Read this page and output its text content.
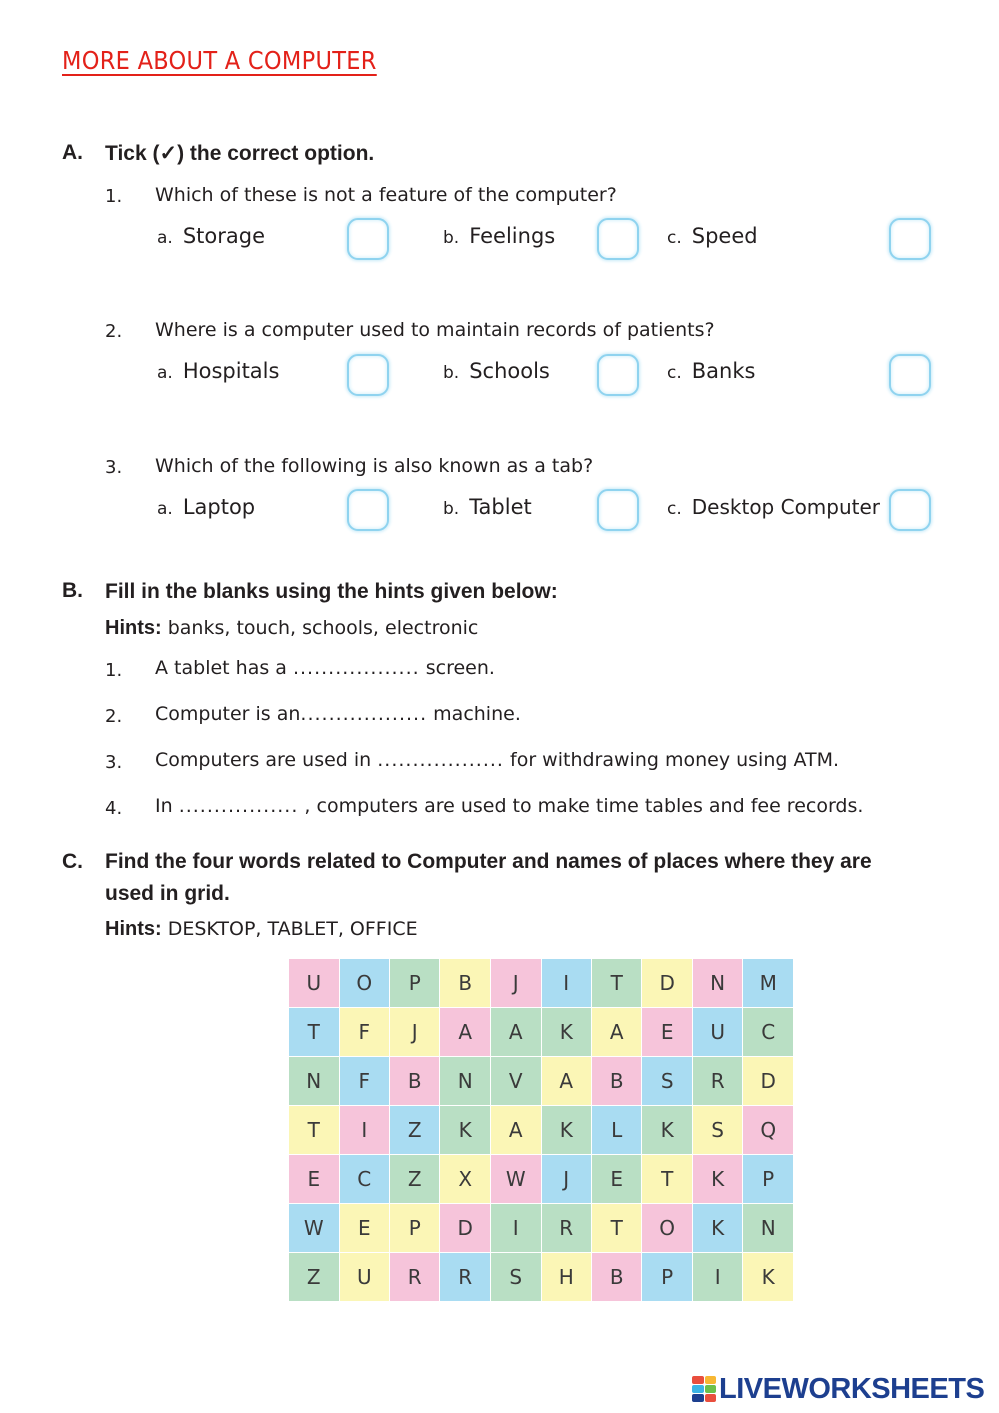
MORE ABOUT A COMPUTER
A. Tick (✓) the correct option.
1. Which of these is not a feature of the computer?
a. Storage	b. Feelings	c. Speed
2. Where is a computer used to maintain records of patients?
a. Hospitals	b. Schools	c. Banks
3. Which of the following is also known as a tab?
a. Laptop	b. Tablet	c. Desktop Computer
B. Fill in the blanks using the hints given below:
Hints: banks, touch, schools, electronic
1. A tablet has a .................. screen.
2. Computer is an.................. machine.
3. Computers are used in .................. for withdrawing money using ATM.
4. In ................. , computers are used to make time tables and fee records.
C. Find the four words related to Computer and names of places where they are
used in grid.
Hints: DESKTOP, TABLET, OFFICE
U	O	P	B	J	I	T	D	N	M
T	F	J	A	A	K	A	E	U	C
N	F	B	N	V	A	B	S	R	D
T	I	Z	K	A	K	L	K	S	Q
E	C	Z	X	W	J	E	T	K	P
W	E	P	D	I	R	T	O	K	N
Z	U	R	R	S	H	B	P	I	K
LIVEWORKSHEETS
